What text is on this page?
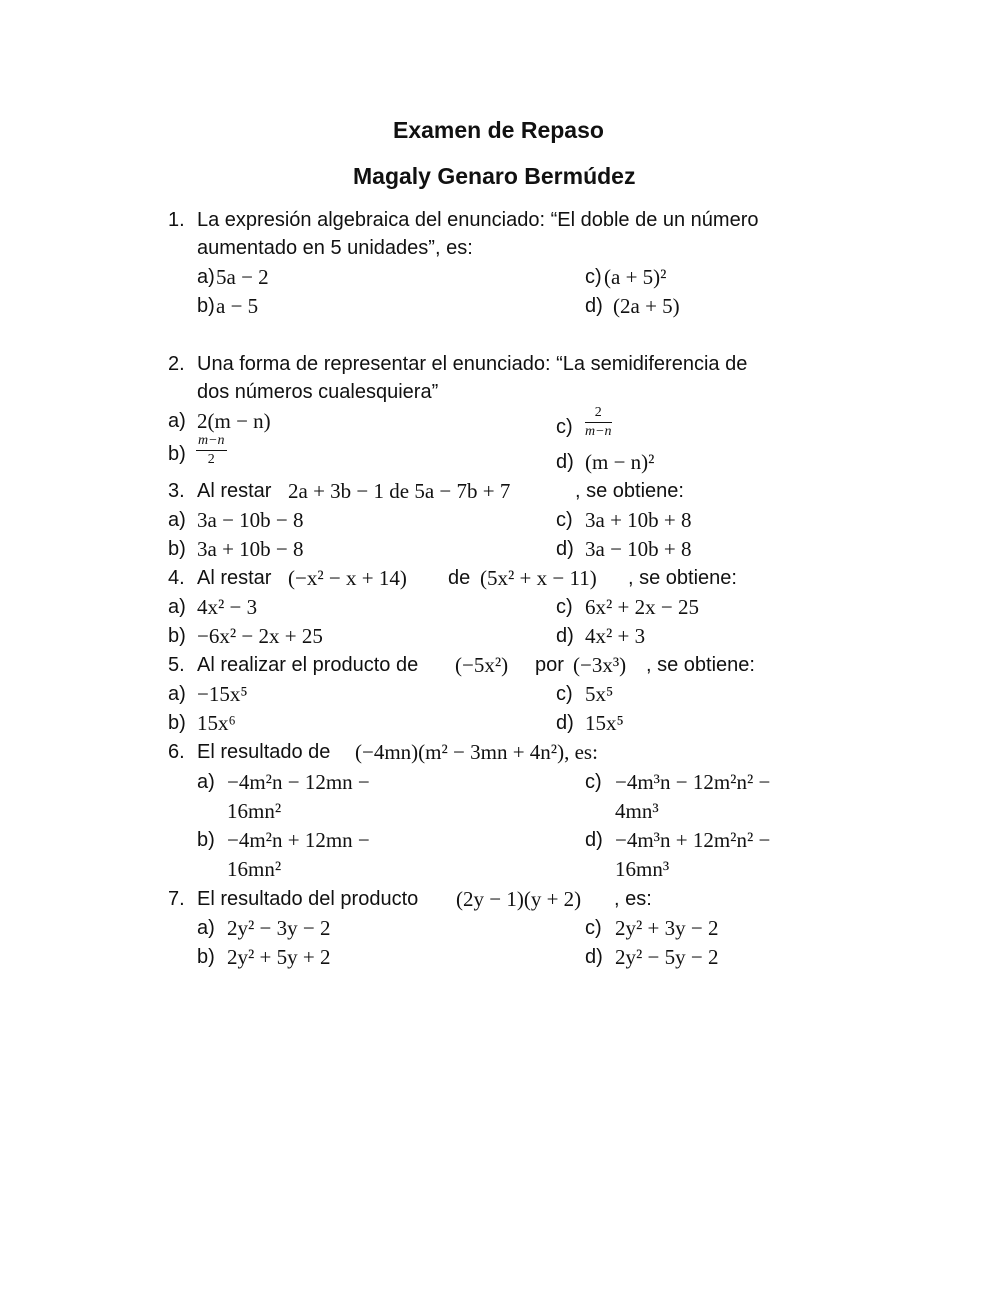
Examen de Repaso
Magaly Genaro Bermúdez
1. La expresión algebraica del enunciado: “El doble de un número
aumentado en 5 unidades”, es:
a) 5a − 2
b) a − 5
c) (a + 5)²
d) (2a + 5)
2. Una forma de representar el enunciado: “La semidiferencia de
dos números cualesquiera”
a) 2(m − n)
$b) \frac{m-n}{2}$
$c) \frac{2}{m-n}$
d) (m − n)²
3. Al restar 2a + 3b − 1 de 5a − 7b + 7	, se obtiene:
a) 3a − 10b − 8
b) 3a + 10b − 8
c) 3a + 10b + 8
d) 3a − 10b + 8
4. Al restar (−x² − x + 14) de (5x² + x − 11) , se obtiene:
a) 4x² − 3
b) −6x² − 2x + 25
c) 6x² + 2x − 25
d) 4x² + 3
5. Al realizar el producto de (−5x²) por (−3x³) , se obtiene:
a) −15x⁵
b) 15x⁶
c) 5x⁵
d) 15x⁵
6. El resultado de (−4mn)(m² − 3mn + 4n²), es:
a) −4m²n − 12mn −
16mn²
b) −4m²n + 12mn −
16mn²
c) −4m³n − 12m²n² −
4mn³
d) −4m³n + 12m²n² −
16mn³
7. El resultado del producto (2y − 1)(y + 2) , es:
a) 2y² − 3y − 2
b) 2y² + 5y + 2
c) 2y² + 3y − 2
d) 2y² − 5y − 2
